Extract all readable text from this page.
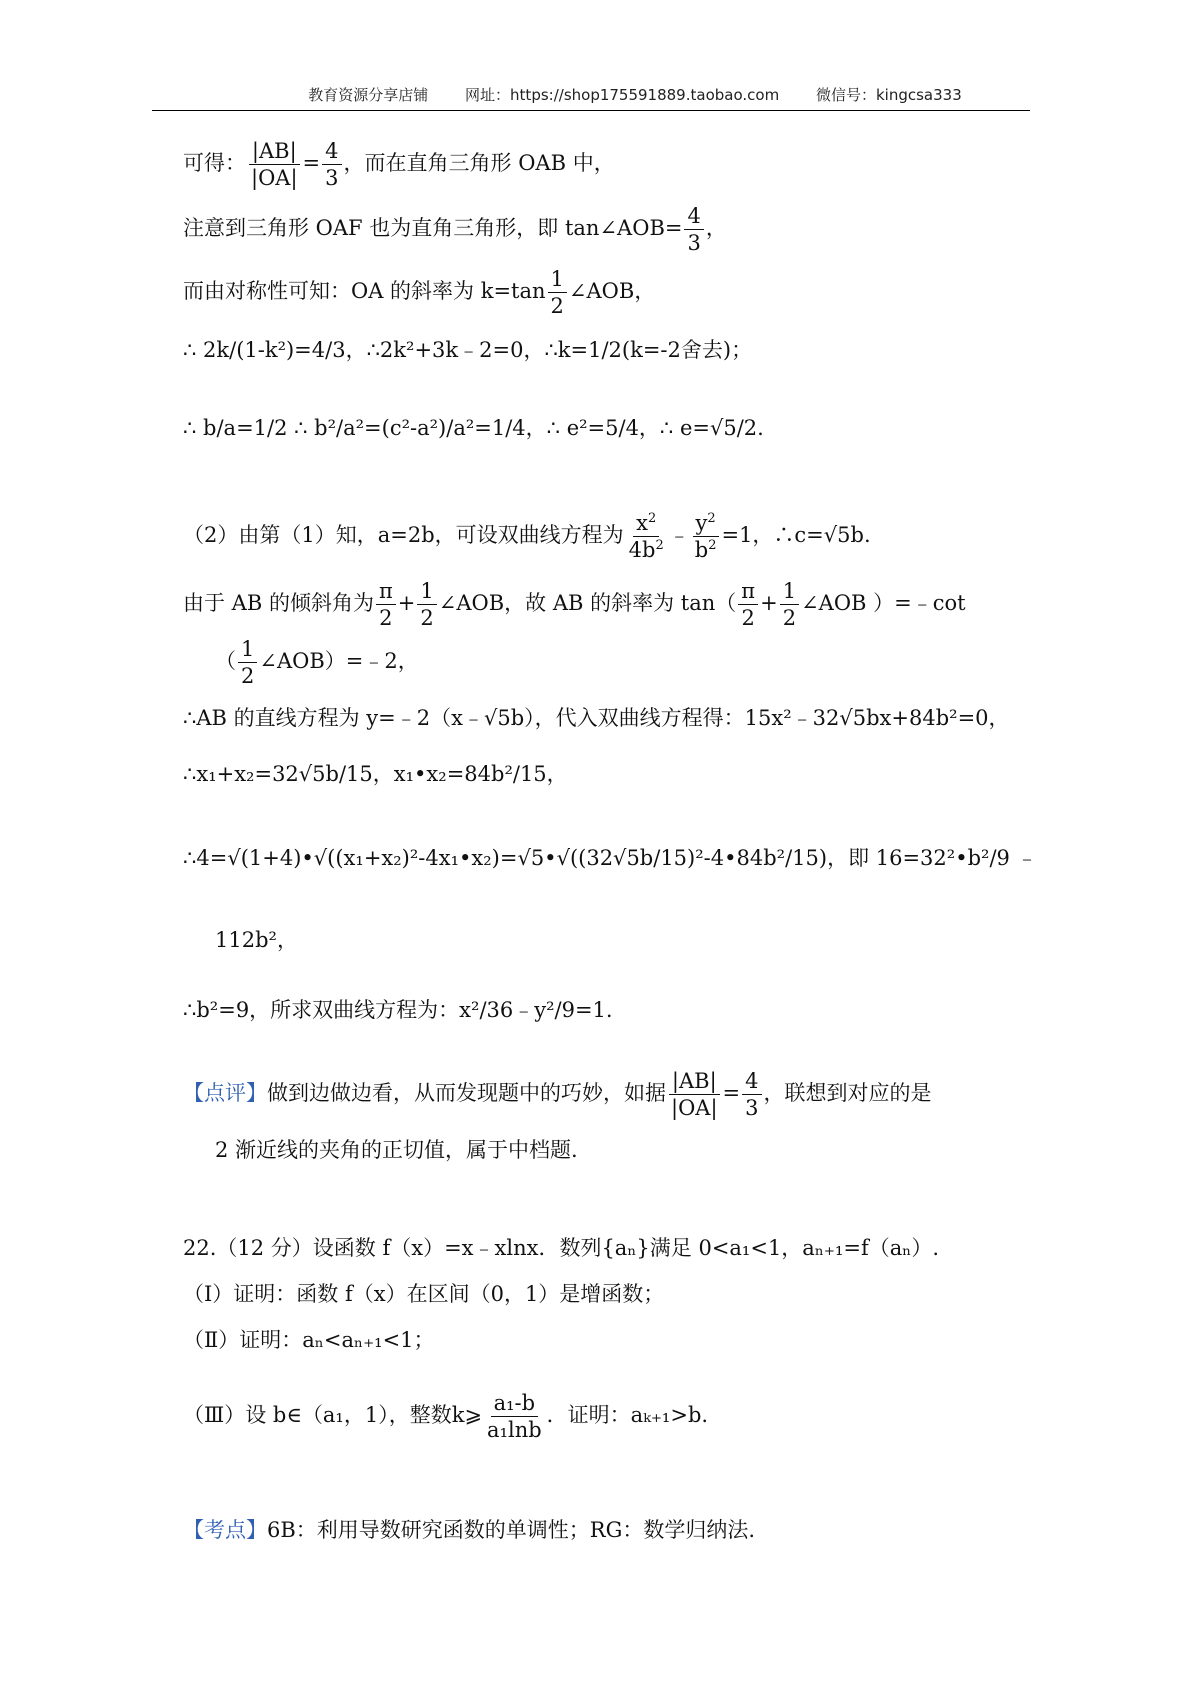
教育资源分享店铺 网址：https://shop175591889.taobao.com 微信号：kingcsa333
可得： $\frac{|AB|}{|OA|} = \frac{4}{3}$ ，而在直角三角形 OAB 中，
注意到三角形 OAF 也为直角三角形，即 tan∠AOB= $\frac{4}{3}$ ，
而由对称性可知：OA 的斜率为 $k=\tan \frac{1}{2}$ ∠AOB，
∴ 2k/(1-k²)=4/3，∴2k²+3k﹣2=0，∴k=1/2(k=-2舍去)；
∴ b/a=1/2 ∴ b²/a²=(c²-a²)/a²=1/4，∴ e²=5/4，∴ e=√5/2.
（2）由第（1）知，a=2b，可设双曲线方程为 $\frac{x^2}{4b^2}$ ﹣ $\frac{y^2}{b^2} =1$，∴c=√5b.
由于 AB 的倾斜角为 $\frac{\pi}{2} + \frac{1}{2}$ ∠AOB，故 AB 的斜率为 $\tan( \frac{\pi}{2} + \frac{1}{2}$ ∠AOB ）=﹣cot
（ $\frac{1}{2}$ ∠AOB）=﹣2，
∴AB 的直线方程为 y=﹣2（x﹣√5b），代入双曲线方程得：15x²﹣32√5bx+84b²=0，
∴x₁+x₂=32√5b/15，x₁•x₂=84b²/15，
∴4=√(1+4)•√((x₁+x₂)²-4x₁•x₂)=√5•√((32√5b/15)²-4•84b²/15)，即 16=32²•b²/9 ﹣
112b²，
∴b²=9，所求双曲线方程为：x²/36﹣y²/9=1.
【点评】做到边做边看，从而发现题中的巧妙，如据 $\frac{|AB|}{|OA|} = \frac{4}{3}$ ，联想到对应的是
2 渐近线的夹角的正切值，属于中档题.
22.（12 分）设函数 f（x）=x﹣xlnx．数列{aₙ}满足 0<a₁<1，aₙ₊₁=f（aₙ）.
（Ⅰ）证明：函数 f（x）在区间（0，1）是增函数；
（Ⅱ）证明：aₙ<aₙ₊₁<1；
（Ⅲ）设 b∈（a₁，1），整数k⩾ $\frac{\text{a₁-b}}{\text{a₁lnb}}$ ．证明：aₖ₊₁>b.
【考点】6B：利用导数研究函数的单调性；RG：数学归纳法.
